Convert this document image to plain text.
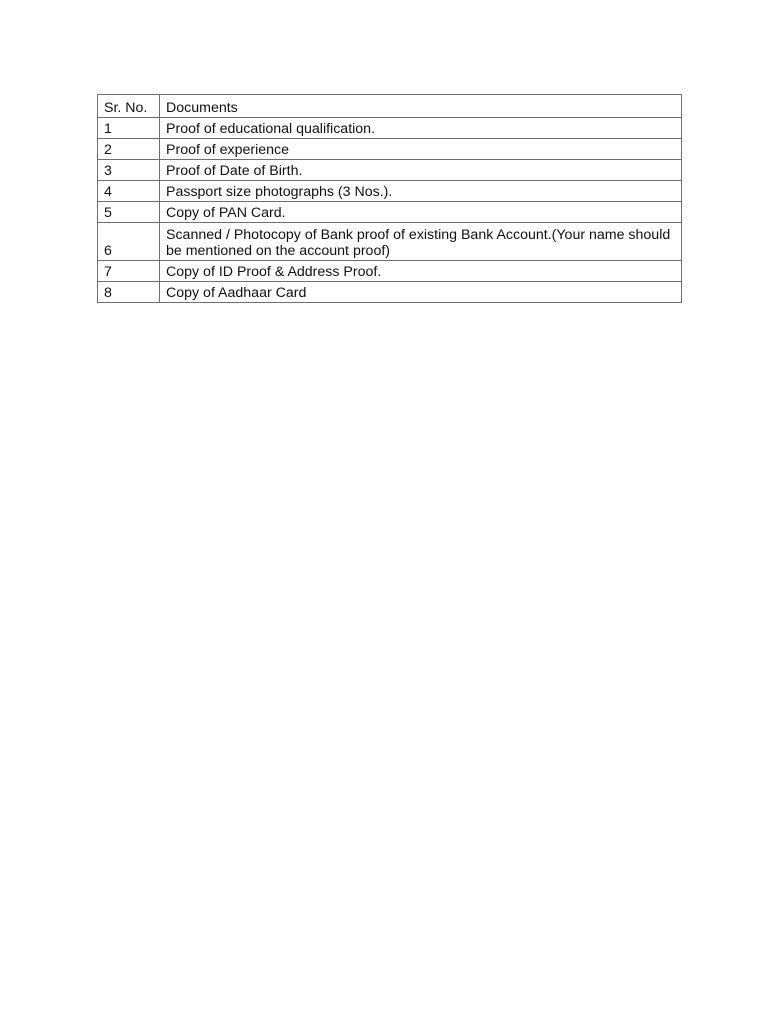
Sr. No.	Documents
1	Proof of educational qualification.
2	Proof of experience
3	Proof of Date of Birth.
4	Passport size photographs (3 Nos.).
5	Copy of PAN Card.
6	Scanned / Photocopy of Bank proof of existing Bank Account.(Your name should be mentioned on the account proof)
7	Copy of ID Proof & Address Proof.
8	Copy of Aadhaar Card
